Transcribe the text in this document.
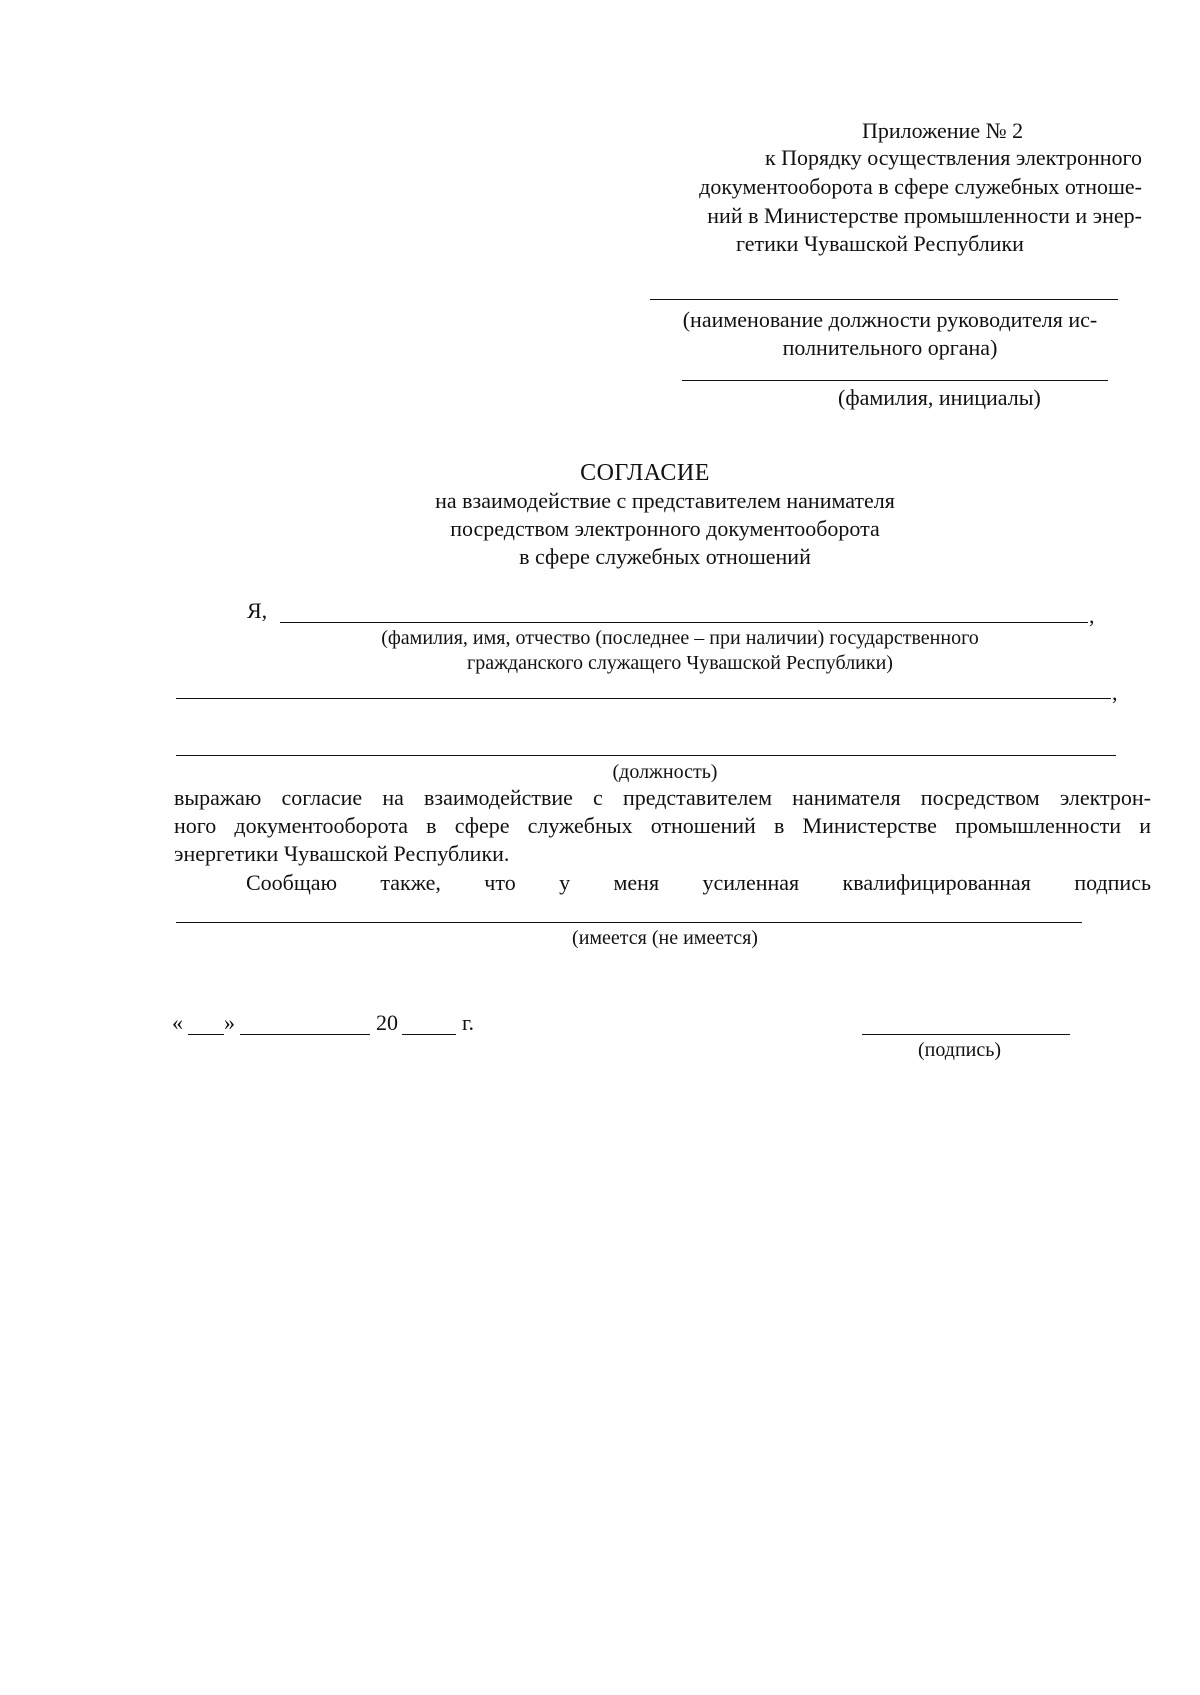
Приложение № 2
к Порядку осуществления электронного
документооборота в сфере служебных отноше-
ний в Министерстве промышленности и энер-
гетики Чувашской Республики
(наименование должности руководителя ис-
полнительного органа)
(фамилия, инициалы)
СОГЛАСИЕ
на взаимодействие с представителем нанимателя
посредством электронного документооборота
в сфере служебных отношений
Я,	,
(фамилия, имя, отчество (последнее – при наличии) государственного
гражданского служащего Чувашской Республики)
,
(должность)
выражаю согласие на взаимодействие с представителем нанимателя посредством электрон-
ного документооборота в сфере служебных отношений в Министерстве промышленности и
энергетики Чувашской Республики.
Сообщаю также, что у меня усиленная квалифицированная подпись
(имеется (не имеется)
« »	20	г.
(подпись)
